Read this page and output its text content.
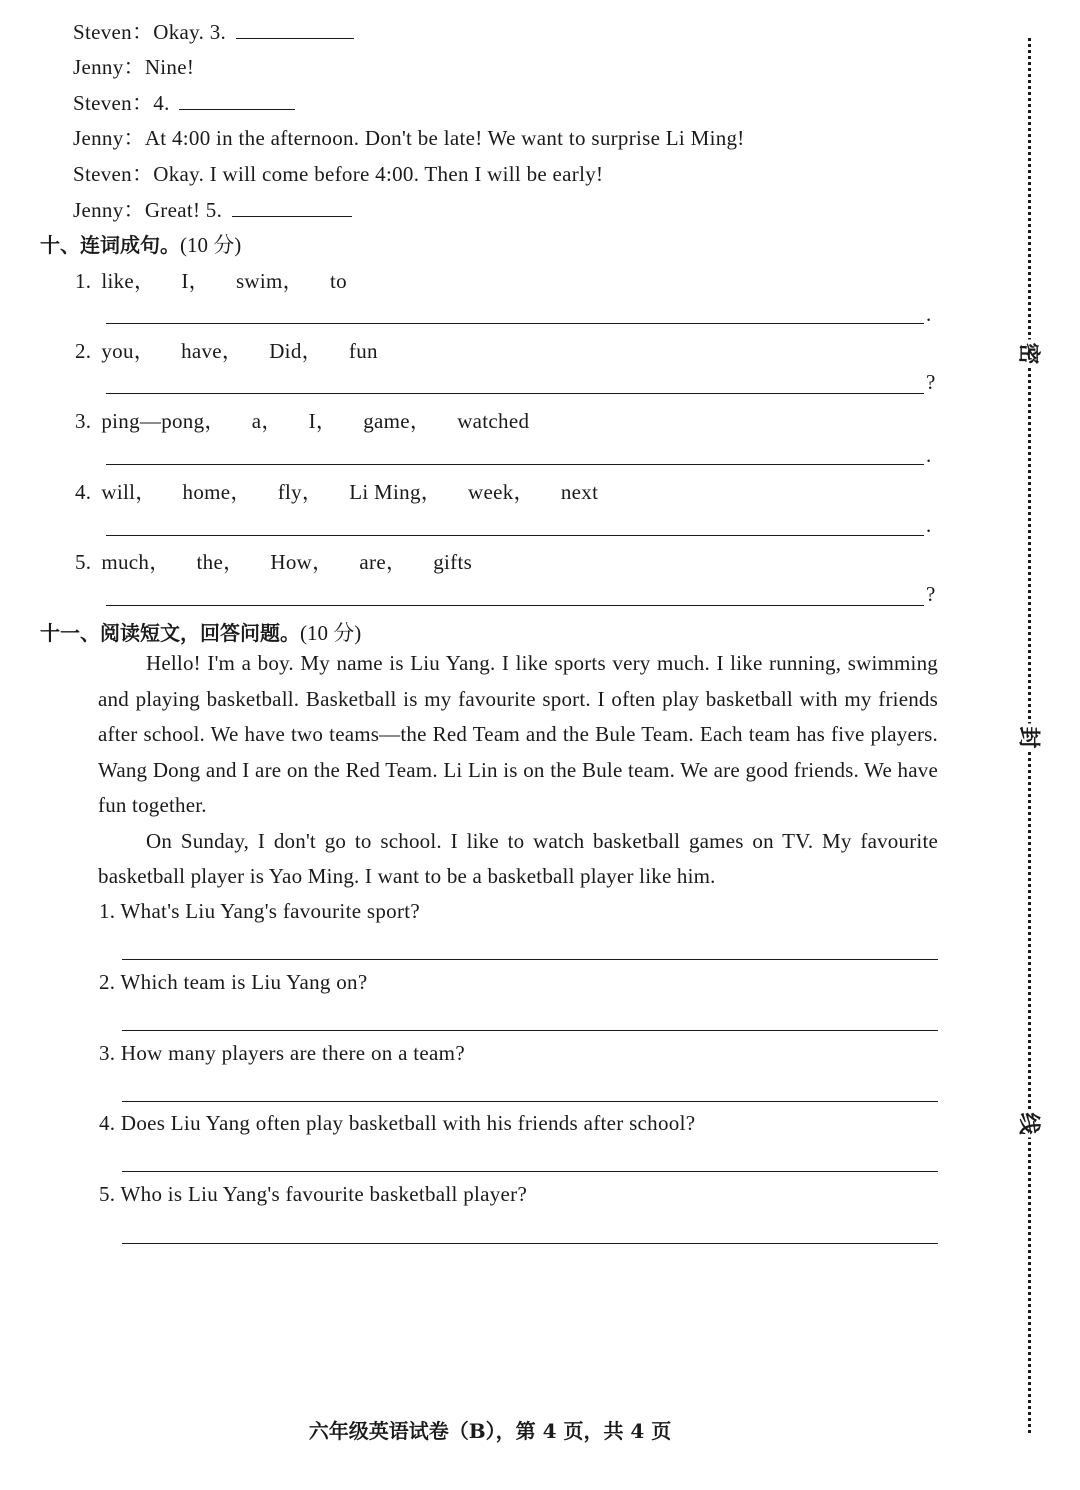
Steven：Okay. 3.
Jenny：Nine!
Steven：4.
Jenny：At 4:00 in the afternoon. Don't be late! We want to surprise Li Ming!
Steven：Okay. I will come before 4:00. Then I will be early!
Jenny：Great! 5.
十、连词成句。(10 分)
1. like， I， swim， to
.
2. you， have， Did， fun
?
3. ping—pong， a， I， game， watched
.
4. will， home， fly， Li Ming， week， next
.
5. much， the， How， are， gifts
?
十一、阅读短文，回答问题。(10 分)

Hello! I'm a boy. My name is Liu Yang. I like sports very much. I like running, swimming and playing basketball. Basketball is my favourite sport. I often play basketball with my friends after school. We have two teams—the Red Team and the Bule Team. Each team has five players. Wang Dong and I are on the Red Team. Li Lin is on the Bule team. We are good friends. We have fun together.

On Sunday, I don't go to school. I like to watch basketball games on TV. My favourite basketball player is Yao Ming. I want to be a basketball player like him.

1. What's Liu Yang's favourite sport?
2. Which team is Liu Yang on?
3. How many players are there on a team?
4. Does Liu Yang often play basketball with his friends after school?
5. Who is Liu Yang's favourite basketball player?
六年级英语试卷（B），第 4 页，共 4 页
密
封
线
